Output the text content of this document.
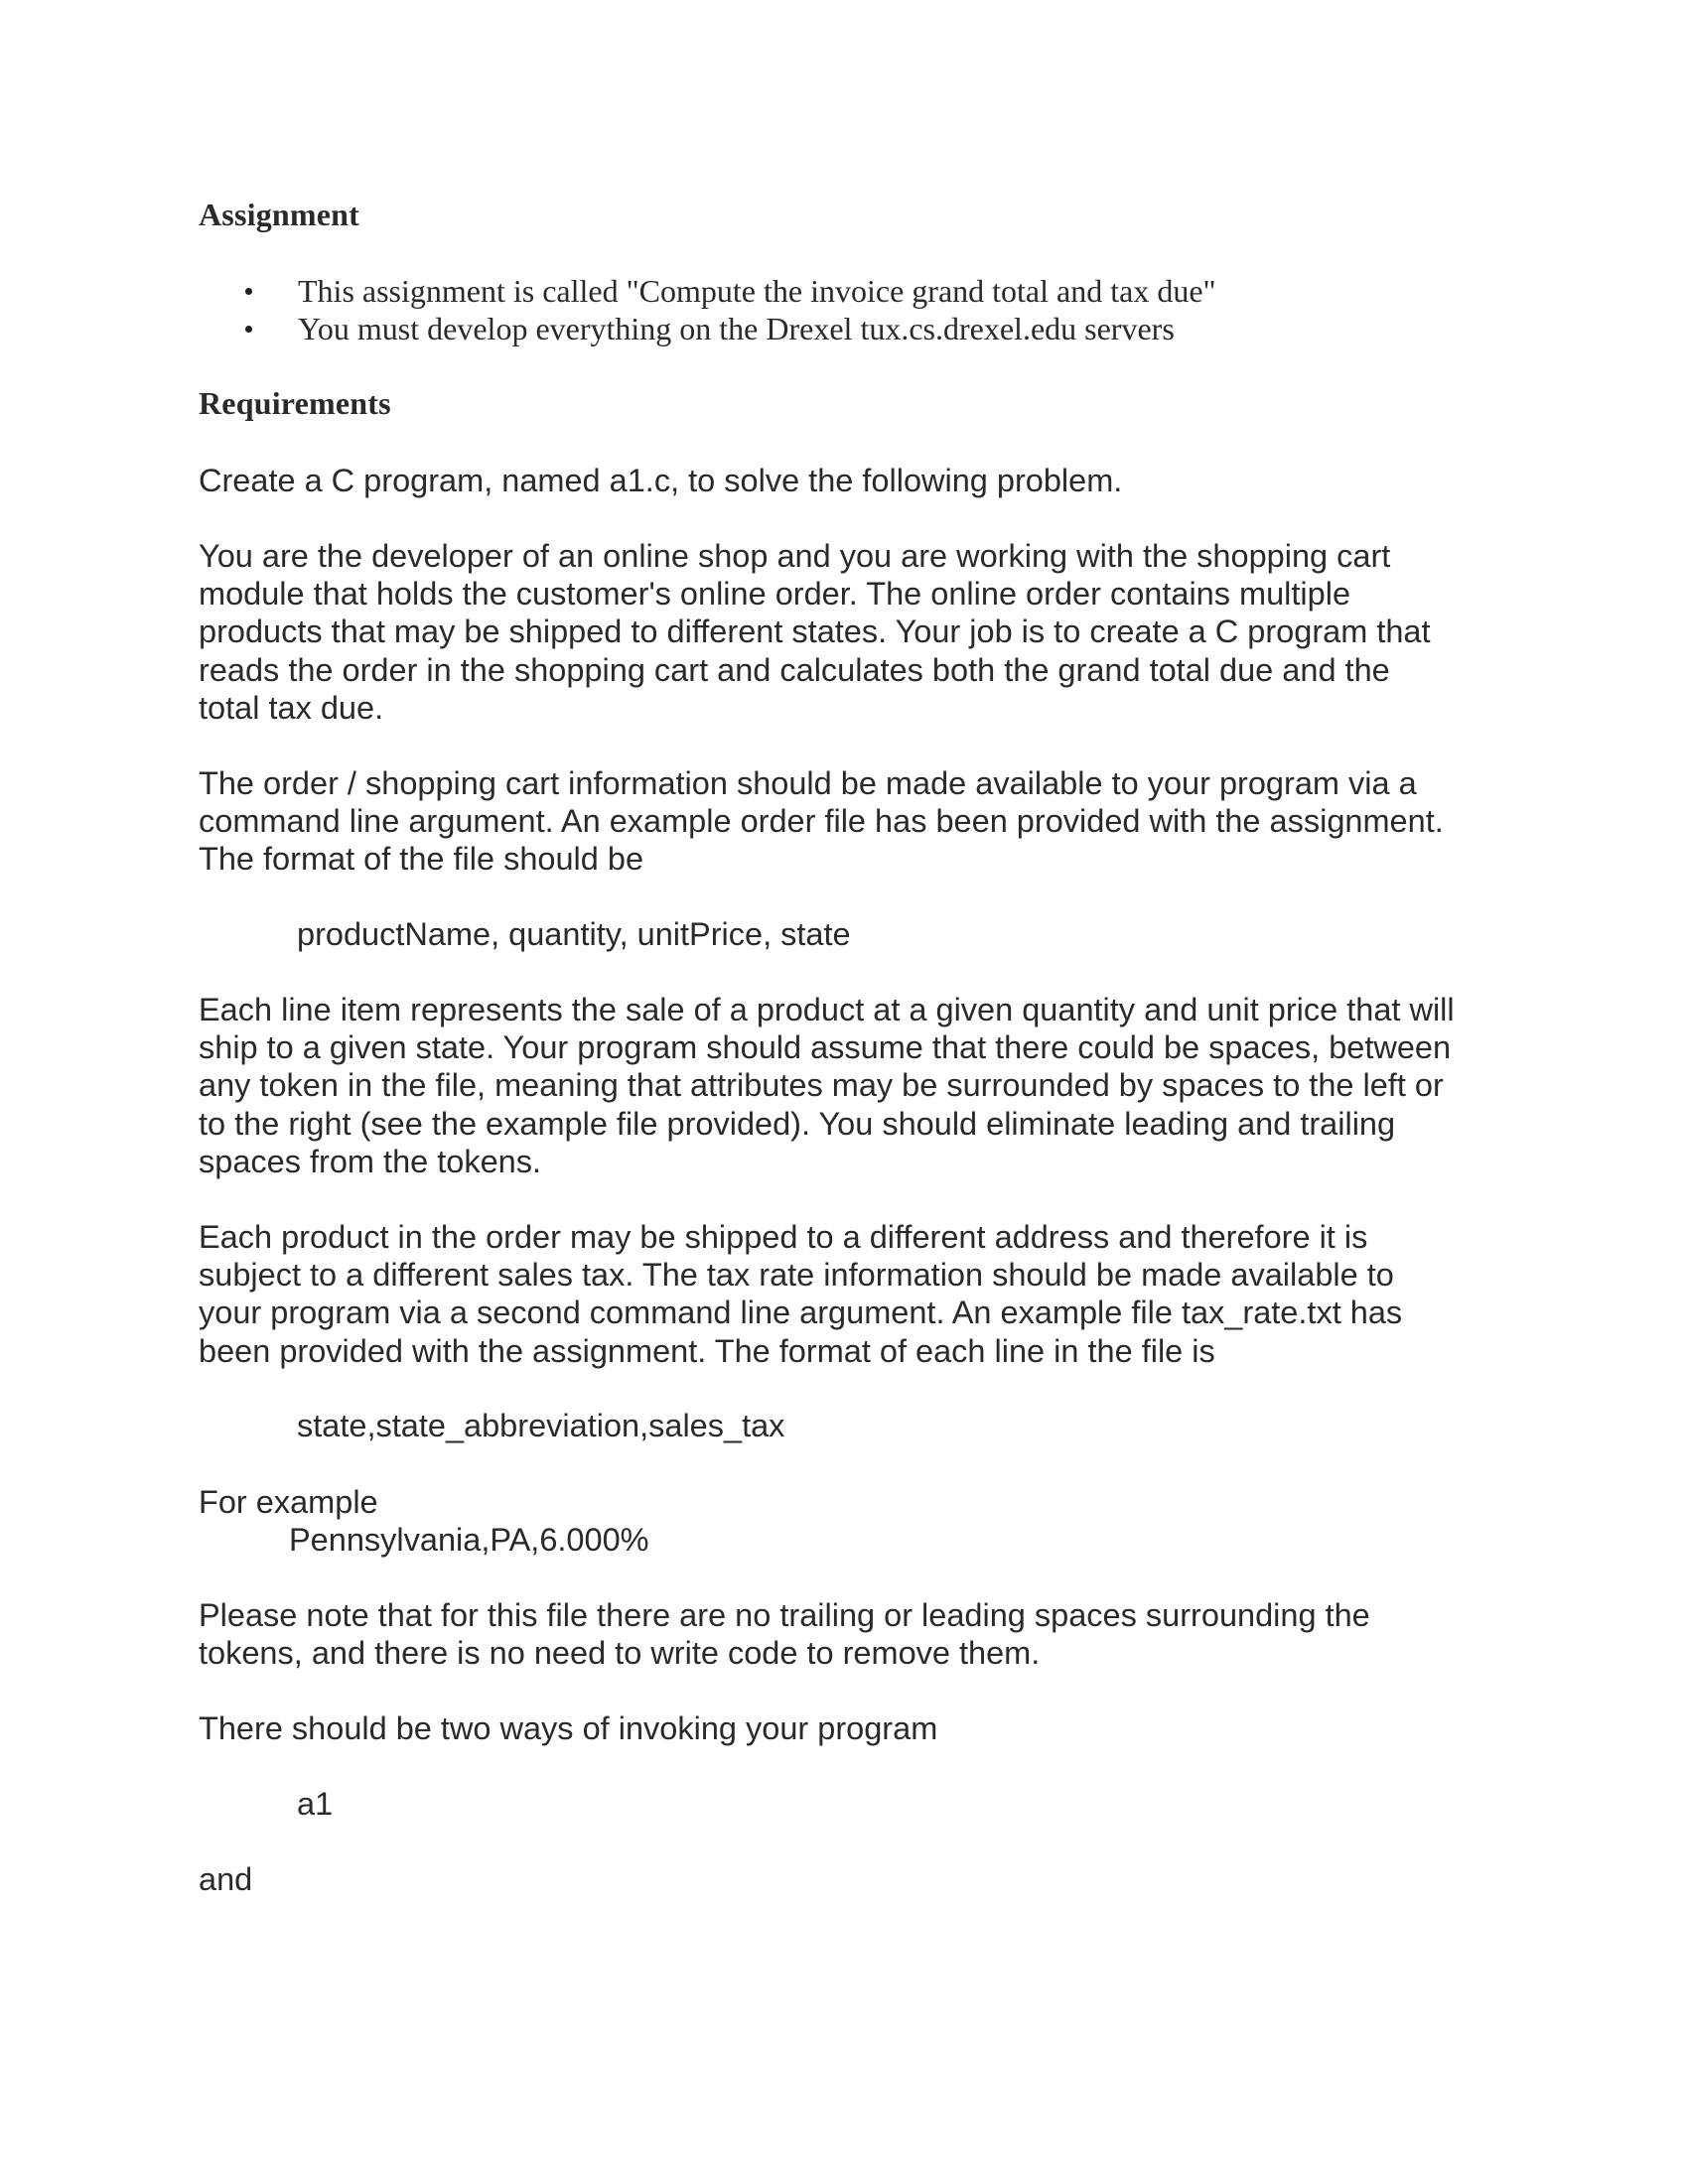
Assignment
This assignment is called "Compute the invoice grand total and tax due"
You must develop everything on the Drexel tux.cs.drexel.edu servers
Requirements

Create a C program, named a1.c, to solve the following problem.

You are the developer of an online shop and you are working with the shopping cart
module that holds the customer's online order. The online order contains multiple
products that may be shipped to different states. Your job is to create a C program that
reads the order in the shopping cart and calculates both the grand total due and the
total tax due.

The order / shopping cart information should be made available to your program via a
command line argument. An example order file has been provided with the assignment.
The format of the file should be

productName, quantity, unitPrice, state

Each line item represents the sale of a product at a given quantity and unit price that will
ship to a given state. Your program should assume that there could be spaces, between
any token in the file, meaning that attributes may be surrounded by spaces to the left or
to the right (see the example file provided). You should eliminate leading and trailing
spaces from the tokens.

Each product in the order may be shipped to a different address and therefore it is
subject to a different sales tax. The tax rate information should be made available to
your program via a second command line argument. An example file tax_rate.txt has
been provided with the assignment. The format of each line in the file is

state,state_abbreviation,sales_tax
For example
Pennsylvania,PA,6.000%

Please note that for this file there are no trailing or leading spaces surrounding the
tokens, and there is no need to write code to remove them.

There should be two ways of invoking your program

a1
and
